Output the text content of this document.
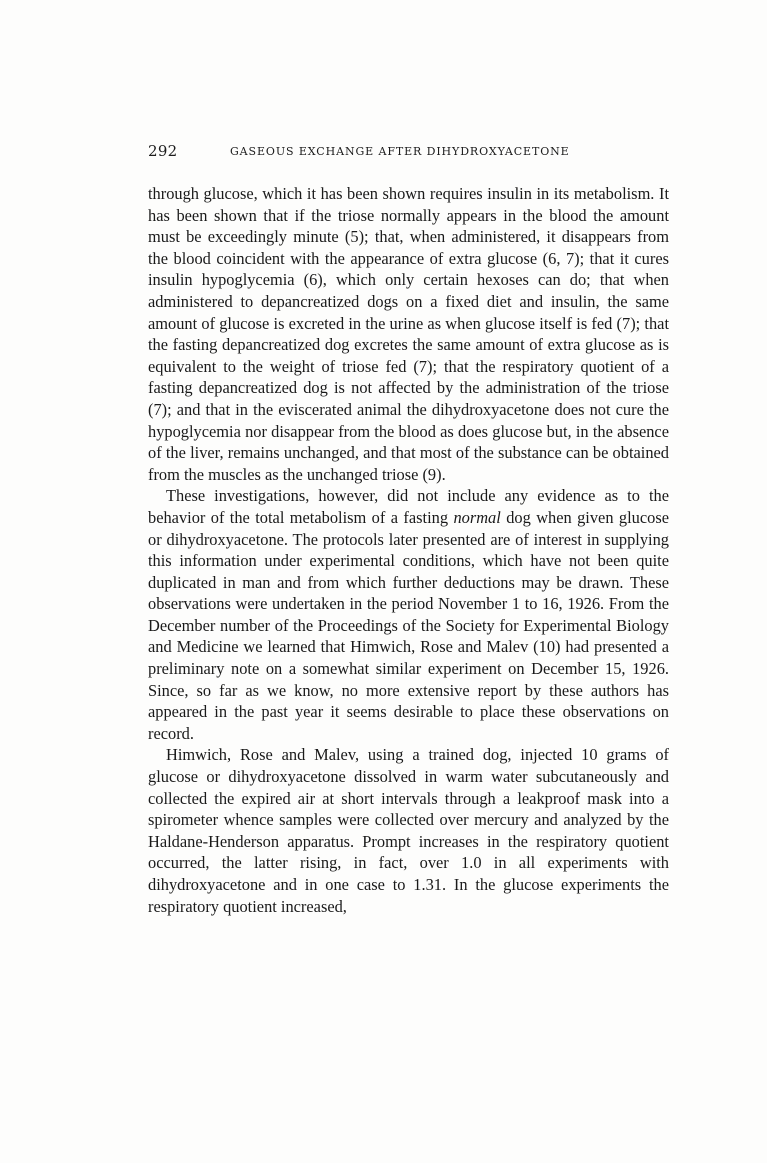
292	GASEOUS EXCHANGE AFTER DIHYDROXYACETONE

through glucose, which it has been shown requires insulin in its metabolism. It has been shown that if the triose normally appears in the blood the amount must be exceedingly minute (5); that, when administered, it disappears from the blood coincident with the appearance of extra glucose (6, 7); that it cures insulin hypoglycemia (6), which only certain hexoses can do; that when administered to depancreatized dogs on a fixed diet and insulin, the same amount of glucose is excreted in the urine as when glucose itself is fed (7); that the fasting depancreatized dog excretes the same amount of extra glucose as is equivalent to the weight of triose fed (7); that the respiratory quotient of a fasting depancreatized dog is not affected by the administration of the triose (7); and that in the eviscerated animal the dihydroxyacetone does not cure the hypoglycemia nor disappear from the blood as does glucose but, in the absence of the liver, remains unchanged, and that most of the substance can be obtained from the muscles as the unchanged triose (9).

These investigations, however, did not include any evidence as to the behavior of the total metabolism of a fasting normal dog when given glucose or dihydroxyacetone. The protocols later presented are of interest in supplying this information under experimental conditions, which have not been quite duplicated in man and from which further deductions may be drawn. These observations were undertaken in the period November 1 to 16, 1926. From the December number of the Proceedings of the Society for Experimental Biology and Medicine we learned that Himwich, Rose and Malev (10) had presented a preliminary note on a somewhat similar experiment on December 15, 1926. Since, so far as we know, no more extensive report by these authors has appeared in the past year it seems desirable to place these observations on record.

Himwich, Rose and Malev, using a trained dog, injected 10 grams of glucose or dihydroxyacetone dissolved in warm water subcutaneously and collected the expired air at short intervals through a leakproof mask into a spirometer whence samples were collected over mercury and analyzed by the Haldane-Henderson apparatus. Prompt increases in the respiratory quotient occurred, the latter rising, in fact, over 1.0 in all experiments with dihydroxyacetone and in one case to 1.31. In the glucose experiments the respiratory quotient increased,
